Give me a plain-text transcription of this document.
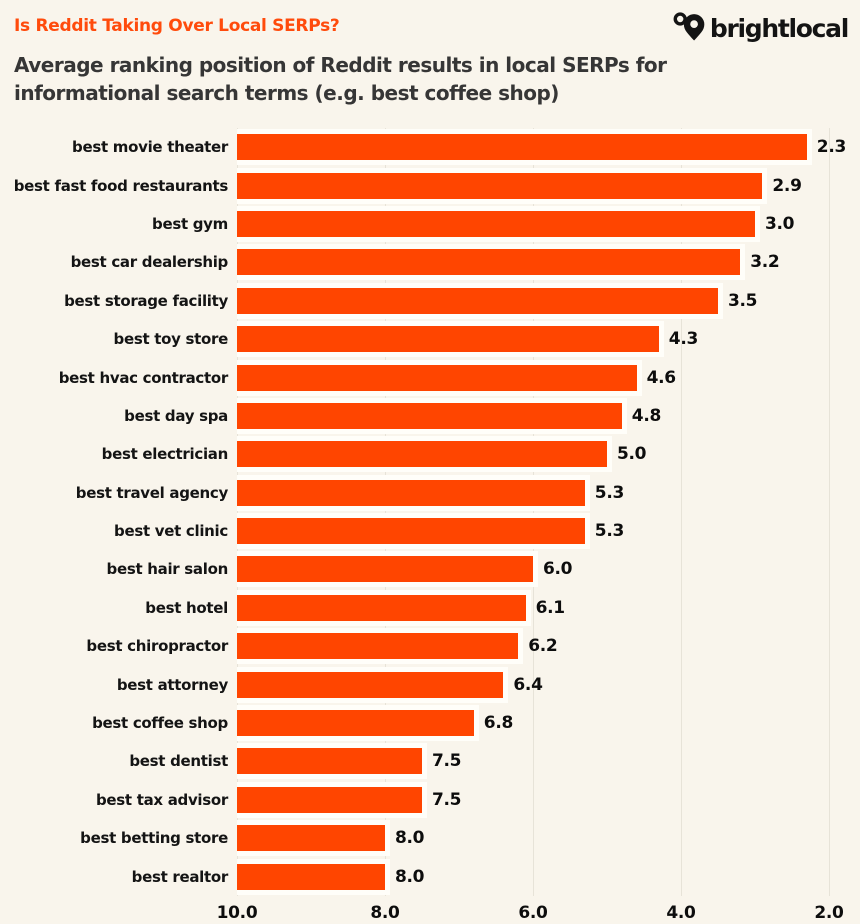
Is Reddit Taking Over Local SERPs?	brightlocal
Average ranking position of Reddit results in local SERPs for
informational search terms (e.g. best coffee shop)
best movie theater	2.3
best fast food restaurants	2.9
best gym	3.0
best car dealership	3.2
best storage facility	3.5
best toy store	4.3
best hvac contractor	4.6
best day spa	4.8
best electrician	5.0
best travel agency	5.3
best vet clinic	5.3
best hair salon	6.0
best hotel	6.1
best chiropractor	6.2
best attorney	6.4
best coffee shop	6.8
best dentist	7.5
best tax advisor	7.5
best betting store	8.0
best realtor	8.0
10.0	8.0	6.0	4.0	2.0
